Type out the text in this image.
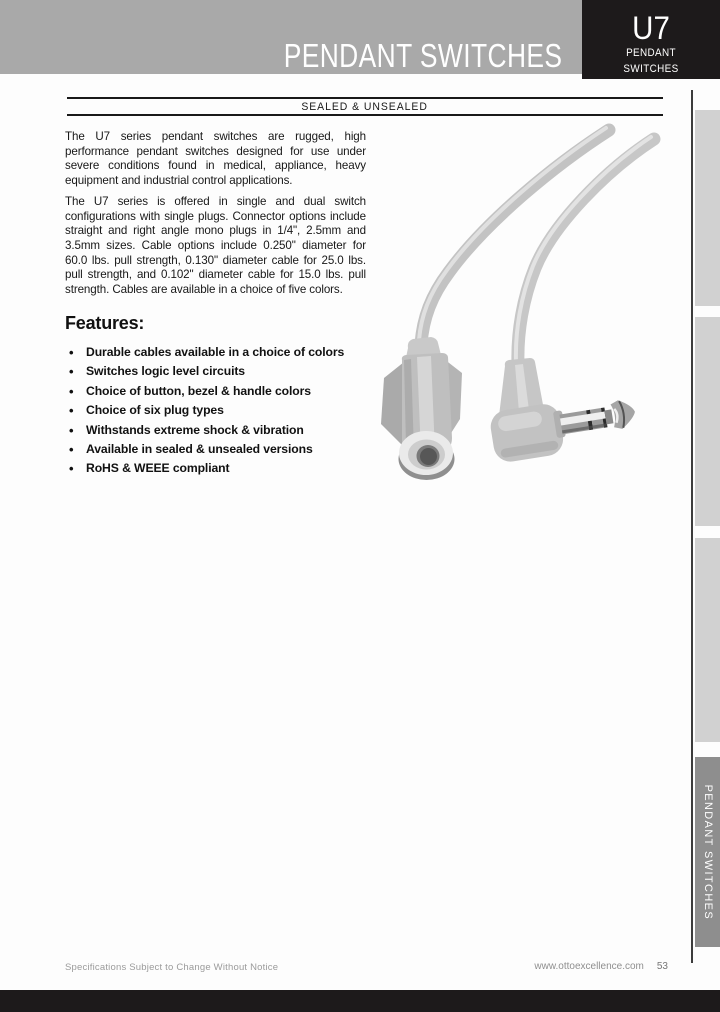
PENDANT SWITCHES
U7
PENDANT
SWITCHES
SEALED & UNSEALED

The U7 series pendant switches are rugged, high performance pendant switches designed for use under severe conditions found in medical, appliance, heavy equipment and industrial control applications.

The U7 series is offered in single and dual switch configurations with single plugs. Connector options include straight and right angle mono plugs in 1/4", 2.5mm and 3.5mm sizes. Cable options include 0.250" diameter for 60.0 lbs. pull strength, 0.130" diameter cable for 25.0 lbs. pull strength, and 0.102" diameter cable for 15.0 lbs. pull strength. Cables are available in a choice of five colors.

Features:
• Durable cables available in a choice of colors
• Switches logic level circuits
• Choice of button, bezel & handle colors
• Choice of six plug types
• Withstands extreme shock & vibration
• Available in sealed & unsealed versions
• RoHS & WEEE compliant
PENDANT SWITCHES
Specifications Subject to Change Without Notice	www.ottoexcellence.com 53
